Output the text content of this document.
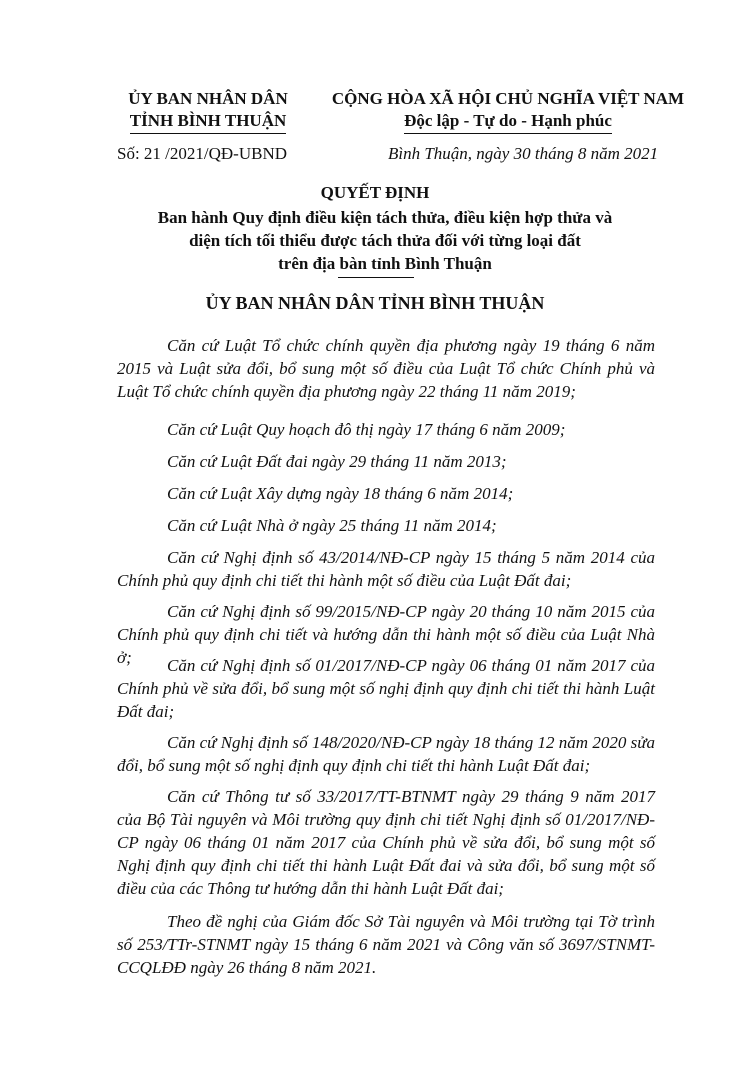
ỦY BAN NHÂN DÂN
TỈNH BÌNH THUẬN
CỘNG HÒA XÃ HỘI CHỦ NGHĨA VIỆT NAM
Độc lập - Tự do - Hạnh phúc
Số: 21 /2021/QĐ-UBND	Bình Thuận, ngày 30 tháng 8 năm 2021
QUYẾT ĐỊNH
Ban hành Quy định điều kiện tách thửa, điều kiện hợp thửa và
diện tích tối thiểu được tách thửa đối với từng loại đất
trên địa bàn tỉnh Bình Thuận
ỦY BAN NHÂN DÂN TỈNH BÌNH THUẬN
Căn cứ Luật Tổ chức chính quyền địa phương ngày 19 tháng 6 năm 2015 và Luật sửa đổi, bổ sung một số điều của Luật Tổ chức Chính phủ và Luật Tổ chức chính quyền địa phương ngày 22 tháng 11 năm 2019;
Căn cứ Luật Quy hoạch đô thị ngày 17 tháng 6 năm 2009;
Căn cứ Luật Đất đai ngày 29 tháng 11 năm 2013;
Căn cứ Luật Xây dựng ngày 18 tháng 6 năm 2014;
Căn cứ Luật Nhà ở ngày 25 tháng 11 năm 2014;
Căn cứ Nghị định số 43/2014/NĐ-CP ngày 15 tháng 5 năm 2014 của Chính phủ quy định chi tiết thi hành một số điều của Luật Đất đai;
Căn cứ Nghị định số 99/2015/NĐ-CP ngày 20 tháng 10 năm 2015 của Chính phủ quy định chi tiết và hướng dẫn thi hành một số điều của Luật Nhà ở;	Căn cứ Nghị định số 01/2017/NĐ-CP ngày 06 tháng 01 năm 2017 của Chính phủ về sửa đổi, bổ sung một số nghị định quy định chi tiết thi hành Luật Đất đai;
Căn cứ Nghị định số 148/2020/NĐ-CP ngày 18 tháng 12 năm 2020 sửa đổi, bổ sung một số nghị định quy định chi tiết thi hành Luật Đất đai;
Căn cứ Thông tư số 33/2017/TT-BTNMT ngày 29 tháng 9 năm 2017 của Bộ Tài nguyên và Môi trường quy định chi tiết Nghị định số 01/2017/NĐ-CP ngày 06 tháng 01 năm 2017 của Chính phủ về sửa đổi, bổ sung một số Nghị định quy định chi tiết thi hành Luật Đất đai và sửa đổi, bổ sung một số điều của các Thông tư hướng dẫn thi hành Luật Đất đai;
Theo đề nghị của Giám đốc Sở Tài nguyên và Môi trường tại Tờ trình số 253/TTr-STNMT ngày 15 tháng 6 năm 2021 và Công văn số 3697/STNMT-CCQLĐĐ ngày 26 tháng 8 năm 2021.
